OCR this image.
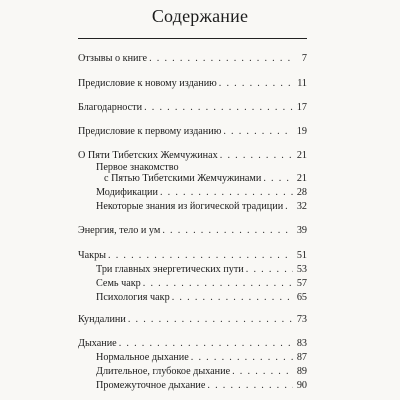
Содержание
Отзывы о книге . . .	7
Предисловие к новому изданию . . .	11
Благодарности . . .	17
Предисловие к первому изданию . . .	19
О Пяти Тибетских Жемчужинах . . .	21
Первое знакомство
с Пятью Тибетскими Жемчужинами . . .	21
Модификации . . .	28
Некоторые знания из йогической традиции . . . 32
Энергия, тело и ум . . .	39
Чакры . . .	51
Три главных энергетических пути . . .	53
Семь чакр . . .	57
Психология чакр . . .	65
Кундалини . . .	73
Дыхание . . .	83
Нормальное дыхание . . .	87
Длительное, глубокое дыхание . . .	89
Промежуточное дыхание . . .	90
